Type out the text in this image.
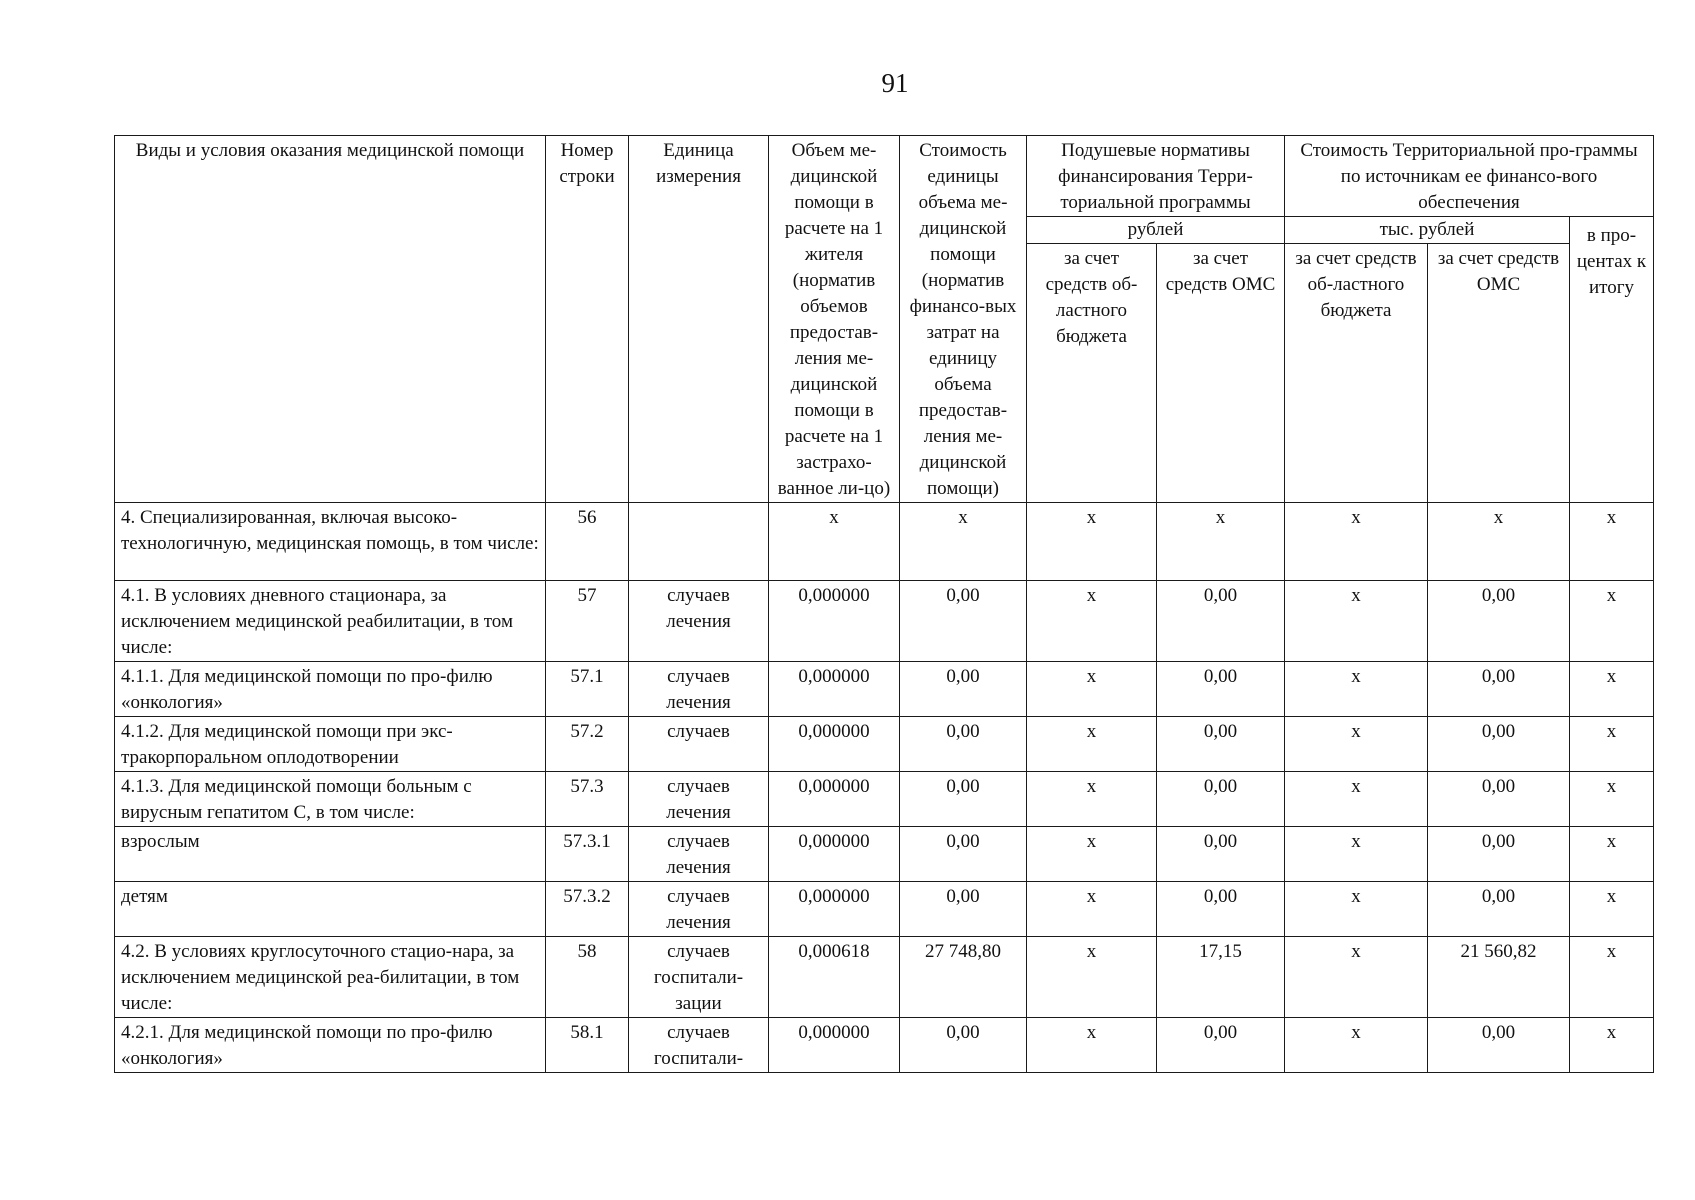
91
Виды и условия оказания медицинской помощи	Номер строки	Единица измерения	Объем ме-дицинской помощи в расчете на 1 жителя (норматив объемов предостав-ления ме-дицинской помощи в расчете на 1 застрахо-ванное ли-цо)	Стоимость единицы объема ме-дицинской помощи (норматив финансо-вых затрат на единицу объема предостав-ления ме-дицинской помощи)	Подушевые нормативы финансирования Терри-ториальной программы		Стоимость Территориальной про-граммы по источникам ее финансо-вого обеспечения		
					рублей		тыс. рублей		в про-центах к итогу
					за счет средств об-ластного бюджета	за счет средств ОМС	за счет средств об-ластного бюджета	за счет средств ОМС	
4. Специализированная, включая высоко-технологичную, медицинская помощь, в том числе:	56		х	х	х	х	х	х	х
4.1. В условиях дневного стационара, за исключением медицинской реабилитации, в том числе:	57	случаев лечения	0,000000	0,00	х	0,00	х	0,00	х
4.1.1. Для медицинской помощи по про-филю «онкология»	57.1	случаев лечения	0,000000	0,00	х	0,00	х	0,00	х
4.1.2. Для медицинской помощи при экс-тракорпоральном оплодотворении	57.2	случаев	0,000000	0,00	х	0,00	х	0,00	х
4.1.3. Для медицинской помощи больным с вирусным гепатитом С, в том числе:	57.3	случаев лечения	0,000000	0,00	х	0,00	х	0,00	х
взрослым	57.3.1	случаев лечения	0,000000	0,00	х	0,00	х	0,00	х
детям	57.3.2	случаев лечения	0,000000	0,00	х	0,00	х	0,00	х
4.2. В условиях круглосуточного стацио-нара, за исключением медицинской реа-билитации, в том числе:	58	случаев госпитали-зации	0,000618	27 748,80	х	17,15	х	21 560,82	х
4.2.1. Для медицинской помощи по про-филю «онкология»	58.1	случаев госпитали-	0,000000	0,00	х	0,00	х	0,00	х
